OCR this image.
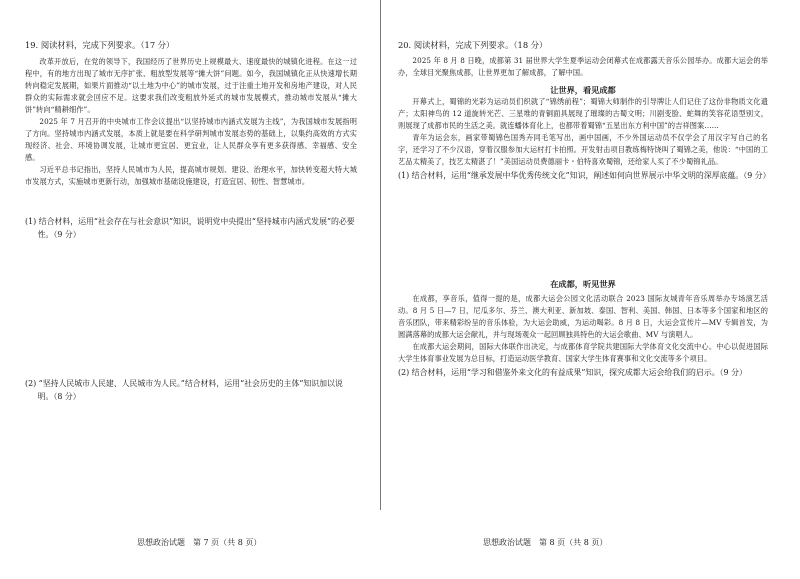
19. 阅读材料，完成下列要求。（17 分）

改革开放后，在党的领导下，我国经历了世界历史上规模最大、速度最快的城镇化进程。在这一过程中，有的地方出现了城市无序扩张、粗放型发展等“摊大饼”问题。如今，我国城镇化正从快速增长期转向稳定发展期，如果片面推动“以土地为中心”的城市发展，过于注重土地开发和房地产建设，对人民群众的实际需求就会回应不足。这要求我们改变粗放外延式的城市发展模式，推动城市发展从“摊大饼”转向“精耕细作”。

2025 年 7 月召开的中央城市工作会议提出“以坚持城市内涵式发展为主线”，为我国城市发展指明了方向。坚持城市内涵式发展，本质上就是要在科学研判城市发展态势的基础上，以集约高效的方式实现经济、社会、环境协调发展，让城市更宜居、更宜业，让人民群众享有更多获得感、幸福感、安全感。

习近平总书记指出，坚持人民城市为人民，提高城市规划、建设、治理水平，加快转变超大特大城市发展方式，实施城市更新行动，加强城市基础设施建设，打造宜居、韧性、智慧城市。

(1) 结合材料，运用“社会存在与社会意识”知识，说明党中央提出“坚持城市内涵式发展”的必要性。（9 分）

(2) “坚持人民城市人民建、人民城市为人民。”结合材料，运用“社会历史的主体”知识加以说明。（8 分）

思想政治试题　第 7 页（共 8 页）
20. 阅读材料，完成下列要求。（18 分）

2025 年 8 月 8 日晚，成都第 31 届世界大学生夏季运动会闭幕式在成都露天音乐公园举办。成都大运会的举办，全球目光聚焦成都，让世界更加了解成都，了解中国。

让世界，看见成都

开幕式上，蜀锦的光彩为运动员们织就了“锦绣前程”；蜀锦大师制作的引导牌让人们记住了这份非物质文化遗产；太阳神鸟的 12 道旋转光芒、三星堆的青铜面具展现了璀璨的古蜀文明；川剧变脸、蛇舞的笑容花语型别文，则展现了成都市民的生活之美。就连蟠体育化上，也都带着蜀锦“五星出东方利中国”的吉祥图案……

青年为运会东，画家带蜀锦色国秀卉同毛笔写出，画中国画，不少外国运动员不仅学会了用汉字写自己的名字，还学习了不少汉语，穿着汉服参加大运村打卡拍照。开发射击项目教练梅特饶叫了蜀锦之美，他说：“中国的工艺品太精美了，技艺太精湛了！”美国运动员费德丽卡・伯特喜欢蜀锦，还给家人买了不少蜀锦礼品。

(1) 结合材料，运用“继承发展中华优秀传统文化”知识，阐述如何向世界展示中华文明的深厚底蕴。（9 分）

在成都，听见世界

在成都，享音乐，值得一提的是，成都大运会公园文化活动联合 2023 国际友城青年音乐周举办专场演艺活动。8 月 5 日—7 日，尼瓜多尔、芬兰、澳大利亚、新加坡、泰国、智利、美国、韩国、日本等多个国家和地区的音乐团队，带来精彩纷呈的音乐体验，为大运会助威，为运动喝彩。8 月 8 日，大运会宣传片—MV 专辑首发，为圆满落幕的成都大运会献礼，并与现场观众一起回顾独具特色的大运会歌曲、MV 与演唱人。

在成都大运会期间，国际大体联作出决定，与成都体育学院共建国际大学体育文化交流中心。中心以促进国际大学生体育事业发展为总目标，打造运动医学教育、国家大学生体育赛事和文化交流等多个项目。

(2) 结合材料，运用“学习和借鉴外来文化的有益成果”知识，探究成都大运会给我们的启示。（9 分）

思想政治试题　第 8 页（共 8 页）
